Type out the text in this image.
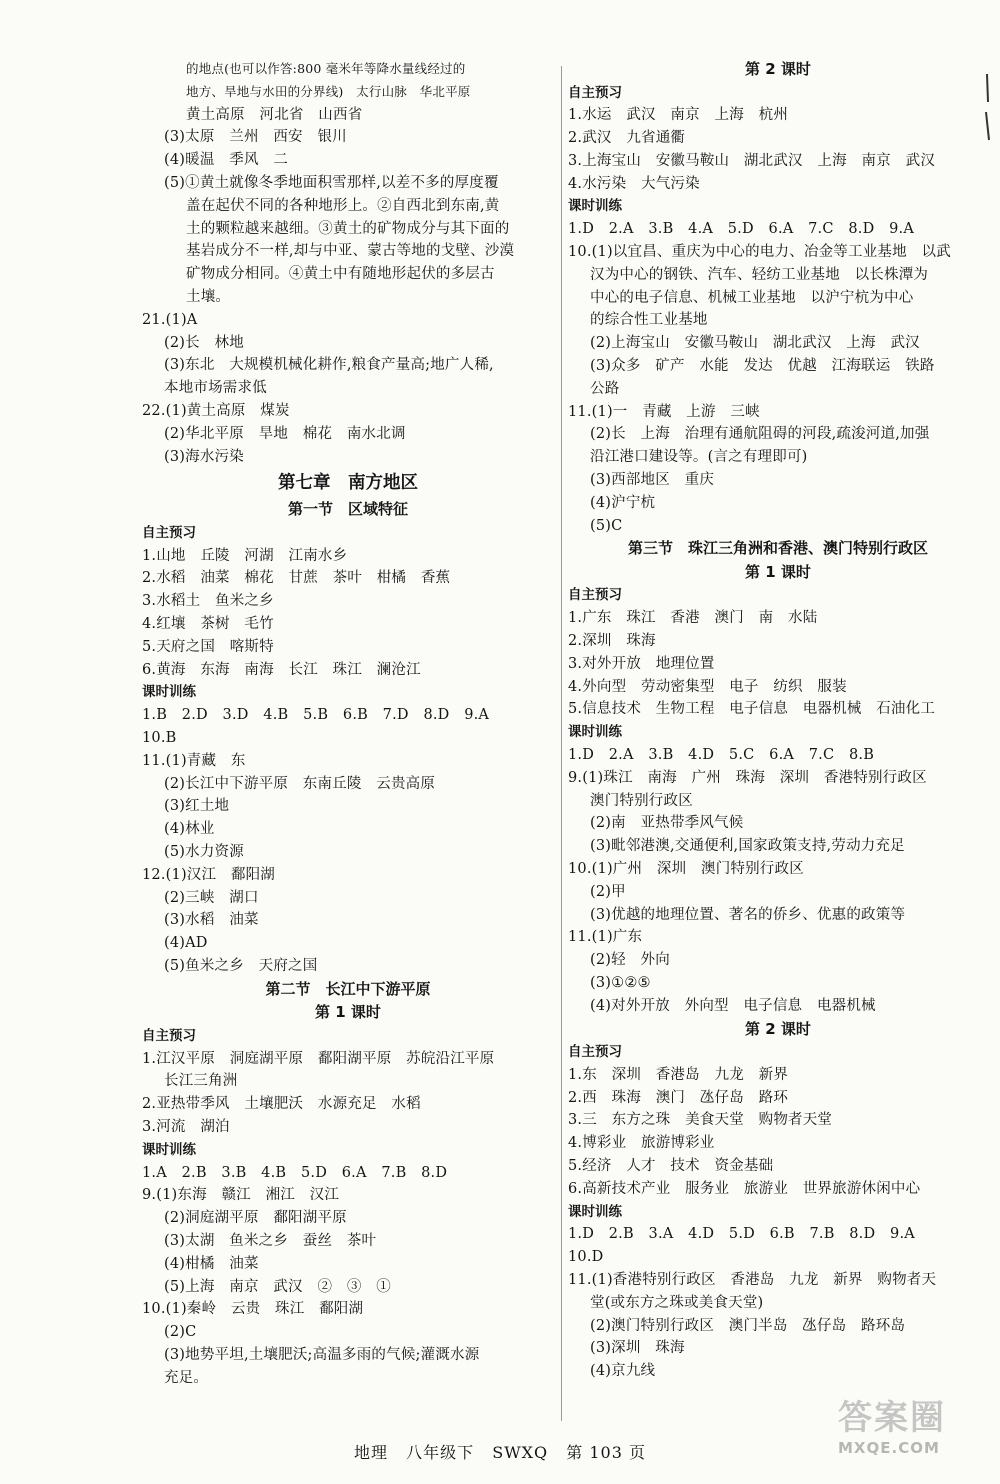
的地点(也可以作答:800 毫米年等降水量线经过的
地方、旱地与水田的分界线)　太行山脉　华北平原
黄土高原　河北省　山西省
(3)太原　兰州　西安　银川
(4)暖温　季风　二
(5)①黄土就像冬季地面积雪那样,以差不多的厚度覆
盖在起伏不同的各种地形上。②自西北到东南,黄
土的颗粒越来越细。③黄土的矿物成分与其下面的
基岩成分不一样,却与中亚、蒙古等地的戈壁、沙漠
矿物成分相同。④黄土中有随地形起伏的多层古
土壤。
21.(1)A
(2)长　林地
(3)东北　大规模机械化耕作,粮食产量高;地广人稀,
本地市场需求低
22.(1)黄土高原　煤炭
(2)华北平原　旱地　棉花　南水北调
(3)海水污染
第七章　南方地区
第一节　区域特征
自主预习
1.山地　丘陵　河湖　江南水乡
2.水稻　油菜　棉花　甘蔗　茶叶　柑橘　香蕉
3.水稻土　鱼米之乡
4.红壤　茶树　毛竹
5.天府之国　喀斯特
6.黄海　东海　南海　长江　珠江　澜沧江
课时训练
1.B　2.D　3.D　4.B　5.B　6.B　7.D　8.D　9.A
10.B
11.(1)青藏　东
(2)长江中下游平原　东南丘陵　云贵高原
(3)红土地
(4)林业
(5)水力资源
12.(1)汉江　鄱阳湖
(2)三峡　湖口
(3)水稻　油菜
(4)AD
(5)鱼米之乡　天府之国
第二节　长江中下游平原
第 1 课时
自主预习
1.江汉平原　洞庭湖平原　鄱阳湖平原　苏皖沿江平原
长江三角洲
2.亚热带季风　土壤肥沃　水源充足　水稻
3.河流　湖泊
课时训练
1.A　2.B　3.B　4.B　5.D　6.A　7.B　8.D
9.(1)东海　赣江　湘江　汉江
(2)洞庭湖平原　鄱阳湖平原
(3)太湖　鱼米之乡　蚕丝　茶叶
(4)柑橘　油菜
(5)上海　南京　武汉　②　③　①
10.(1)秦岭　云贵　珠江　鄱阳湖
(2)C
(3)地势平坦,土壤肥沃;高温多雨的气候;灌溉水源
充足。
第 2 课时
自主预习
1.水运　武汉　南京　上海　杭州
2.武汉　九省通衢
3.上海宝山　安徽马鞍山　湖北武汉　上海　南京　武汉
4.水污染　大气污染
课时训练
1.D　2.A　3.B　4.A　5.D　6.A　7.C　8.D　9.A
10.(1)以宜昌、重庆为中心的电力、冶金等工业基地　以武
汉为中心的钢铁、汽车、轻纺工业基地　以长株潭为
中心的电子信息、机械工业基地　以沪宁杭为中心
的综合性工业基地
(2)上海宝山　安徽马鞍山　湖北武汉　上海　武汉
(3)众多　矿产　水能　发达　优越　江海联运　铁路
公路
11.(1)一　青藏　上游　三峡
(2)长　上海　治理有通航阻碍的河段,疏浚河道,加强
沿江港口建设等。(言之有理即可)
(3)西部地区　重庆
(4)沪宁杭
(5)C
第三节　珠江三角洲和香港、澳门特别行政区
第 1 课时
自主预习
1.广东　珠江　香港　澳门　南　水陆
2.深圳　珠海
3.对外开放　地理位置
4.外向型　劳动密集型　电子　纺织　服装
5.信息技术　生物工程　电子信息　电器机械　石油化工
课时训练
1.D　2.A　3.B　4.D　5.C　6.A　7.C　8.B
9.(1)珠江　南海　广州　珠海　深圳　香港特别行政区
澳门特别行政区
(2)南　亚热带季风气候
(3)毗邻港澳,交通便利,国家政策支持,劳动力充足
10.(1)广州　深圳　澳门特别行政区
(2)甲
(3)优越的地理位置、著名的侨乡、优惠的政策等
11.(1)广东
(2)轻　外向
(3)①②⑤
(4)对外开放　外向型　电子信息　电器机械
第 2 课时
自主预习
1.东　深圳　香港岛　九龙　新界
2.西　珠海　澳门　氹仔岛　路环
3.三　东方之珠　美食天堂　购物者天堂
4.博彩业　旅游博彩业
5.经济　人才　技术　资金基础
6.高新技术产业　服务业　旅游业　世界旅游休闲中心
课时训练
1.D　2.B　3.A　4.D　5.D　6.B　7.B　8.D　9.A
10.D
11.(1)香港特别行政区　香港岛　九龙　新界　购物者天
堂(或东方之珠或美食天堂)
(2)澳门特别行政区　澳门半岛　氹仔岛　路环岛
(3)深圳　珠海
(4)京九线
地理 八年级下 SWXQ 第 103 页
答案圈
MXQE.COM
